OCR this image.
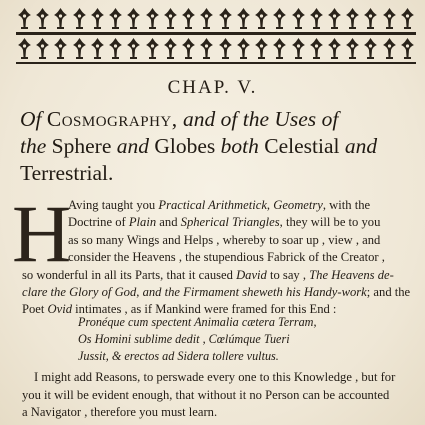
CHAP. V.
Of Cosmography, and of the Uses of
the Sphere and Globes both Celestial and
Terrestrial.
H
Aving taught you Practical Arithmetick, Geometry, with the
Doctrine of Plain and Spherical Triangles, they will be to you
as so many Wings and Helps , whereby to soar up , view , and
consider the Heavens , the stupendious Fabrick of the Creator ,
so wonderful in all its Parts, that it caused David to say , The Heavens de-
clare the Glory of God, and the Firmament sheweth his Handy-work; and the
Poet Ovid intimates , as if Mankind were framed for this End :
Pronéque cum spectent Animalia cætera Terram,
Os Homini sublime dedit , Cœlúmque Tueri
Jussit, & erectos ad Sidera tollere vultus.
I might add Reasons, to perswade every one to this Knowledge , but for
you it will be evident enough, that without it no Person can be accounted
a Navigator , therefore you must learn.
